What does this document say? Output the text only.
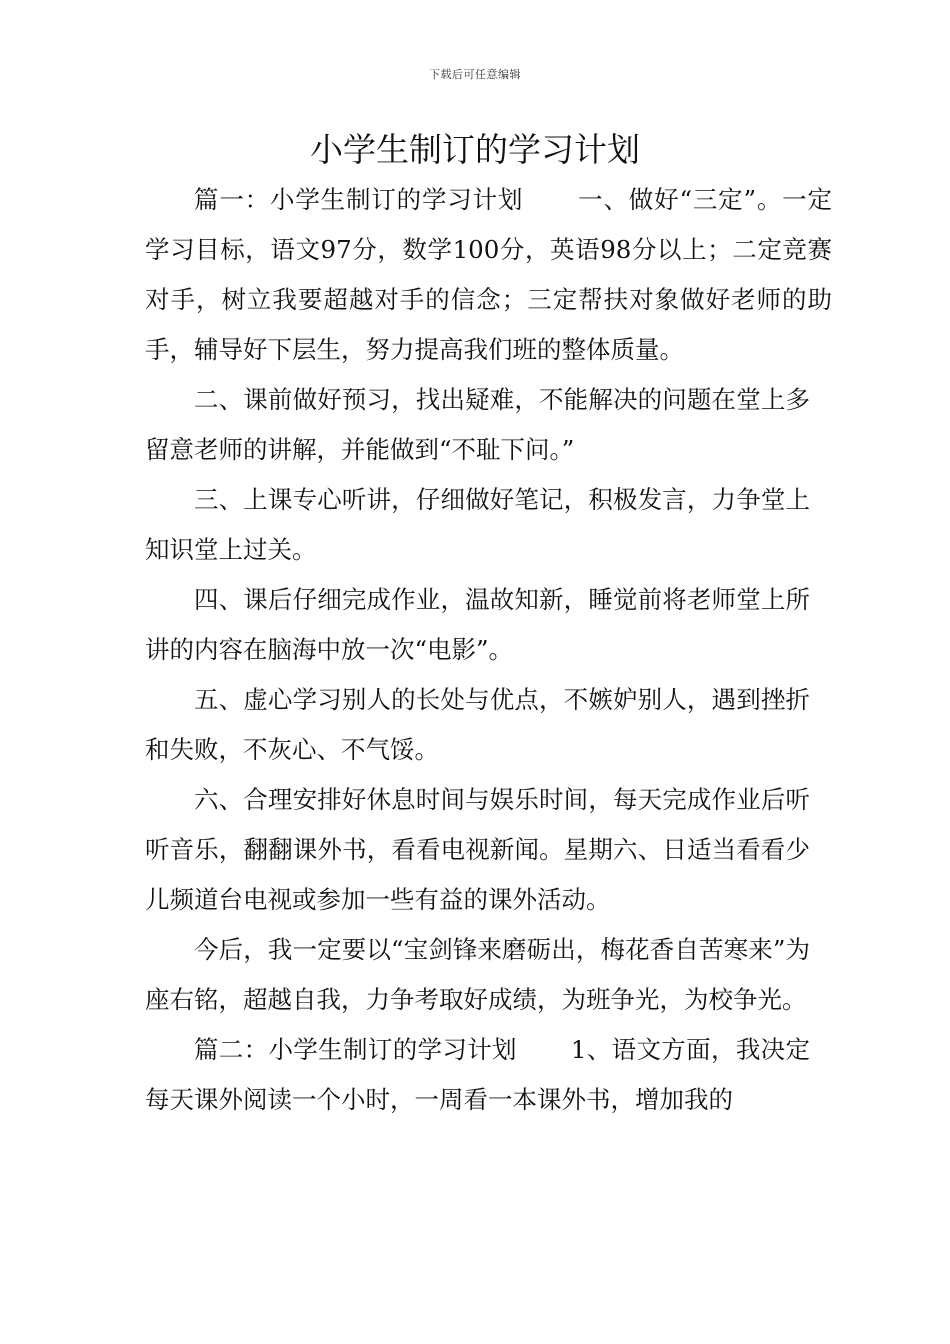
下载后可任意编辑
小学生制订的学习计划

篇一：小学生制订的学习计划 一、做好“三定”。一定学习目标，语文97分，数学100分，英语98分以上；二定竞赛对手，树立我要超越对手的信念；三定帮扶对象做好老师的助手，辅导好下层生，努力提高我们班的整体质量。

二、课前做好预习，找出疑难，不能解决的问题在堂上多留意老师的讲解，并能做到“不耻下问。”

三、上课专心听讲，仔细做好笔记，积极发言，力争堂上知识堂上过关。

四、课后仔细完成作业，温故知新，睡觉前将老师堂上所讲的内容在脑海中放一次“电影”。

五、虚心学习别人的长处与优点，不嫉妒别人，遇到挫折和失败，不灰心、不气馁。

六、合理安排好休息时间与娱乐时间，每天完成作业后听听音乐，翻翻课外书，看看电视新闻。星期六、日适当看看少儿频道台电视或参加一些有益的课外活动。

今后，我一定要以“宝剑锋来磨砺出，梅花香自苦寒来”为座右铭，超越自我，力争考取好成绩，为班争光，为校争光。

篇二：小学生制订的学习计划 1、语文方面，我决定每天课外阅读一个小时，一周看一本课外书，增加我的
